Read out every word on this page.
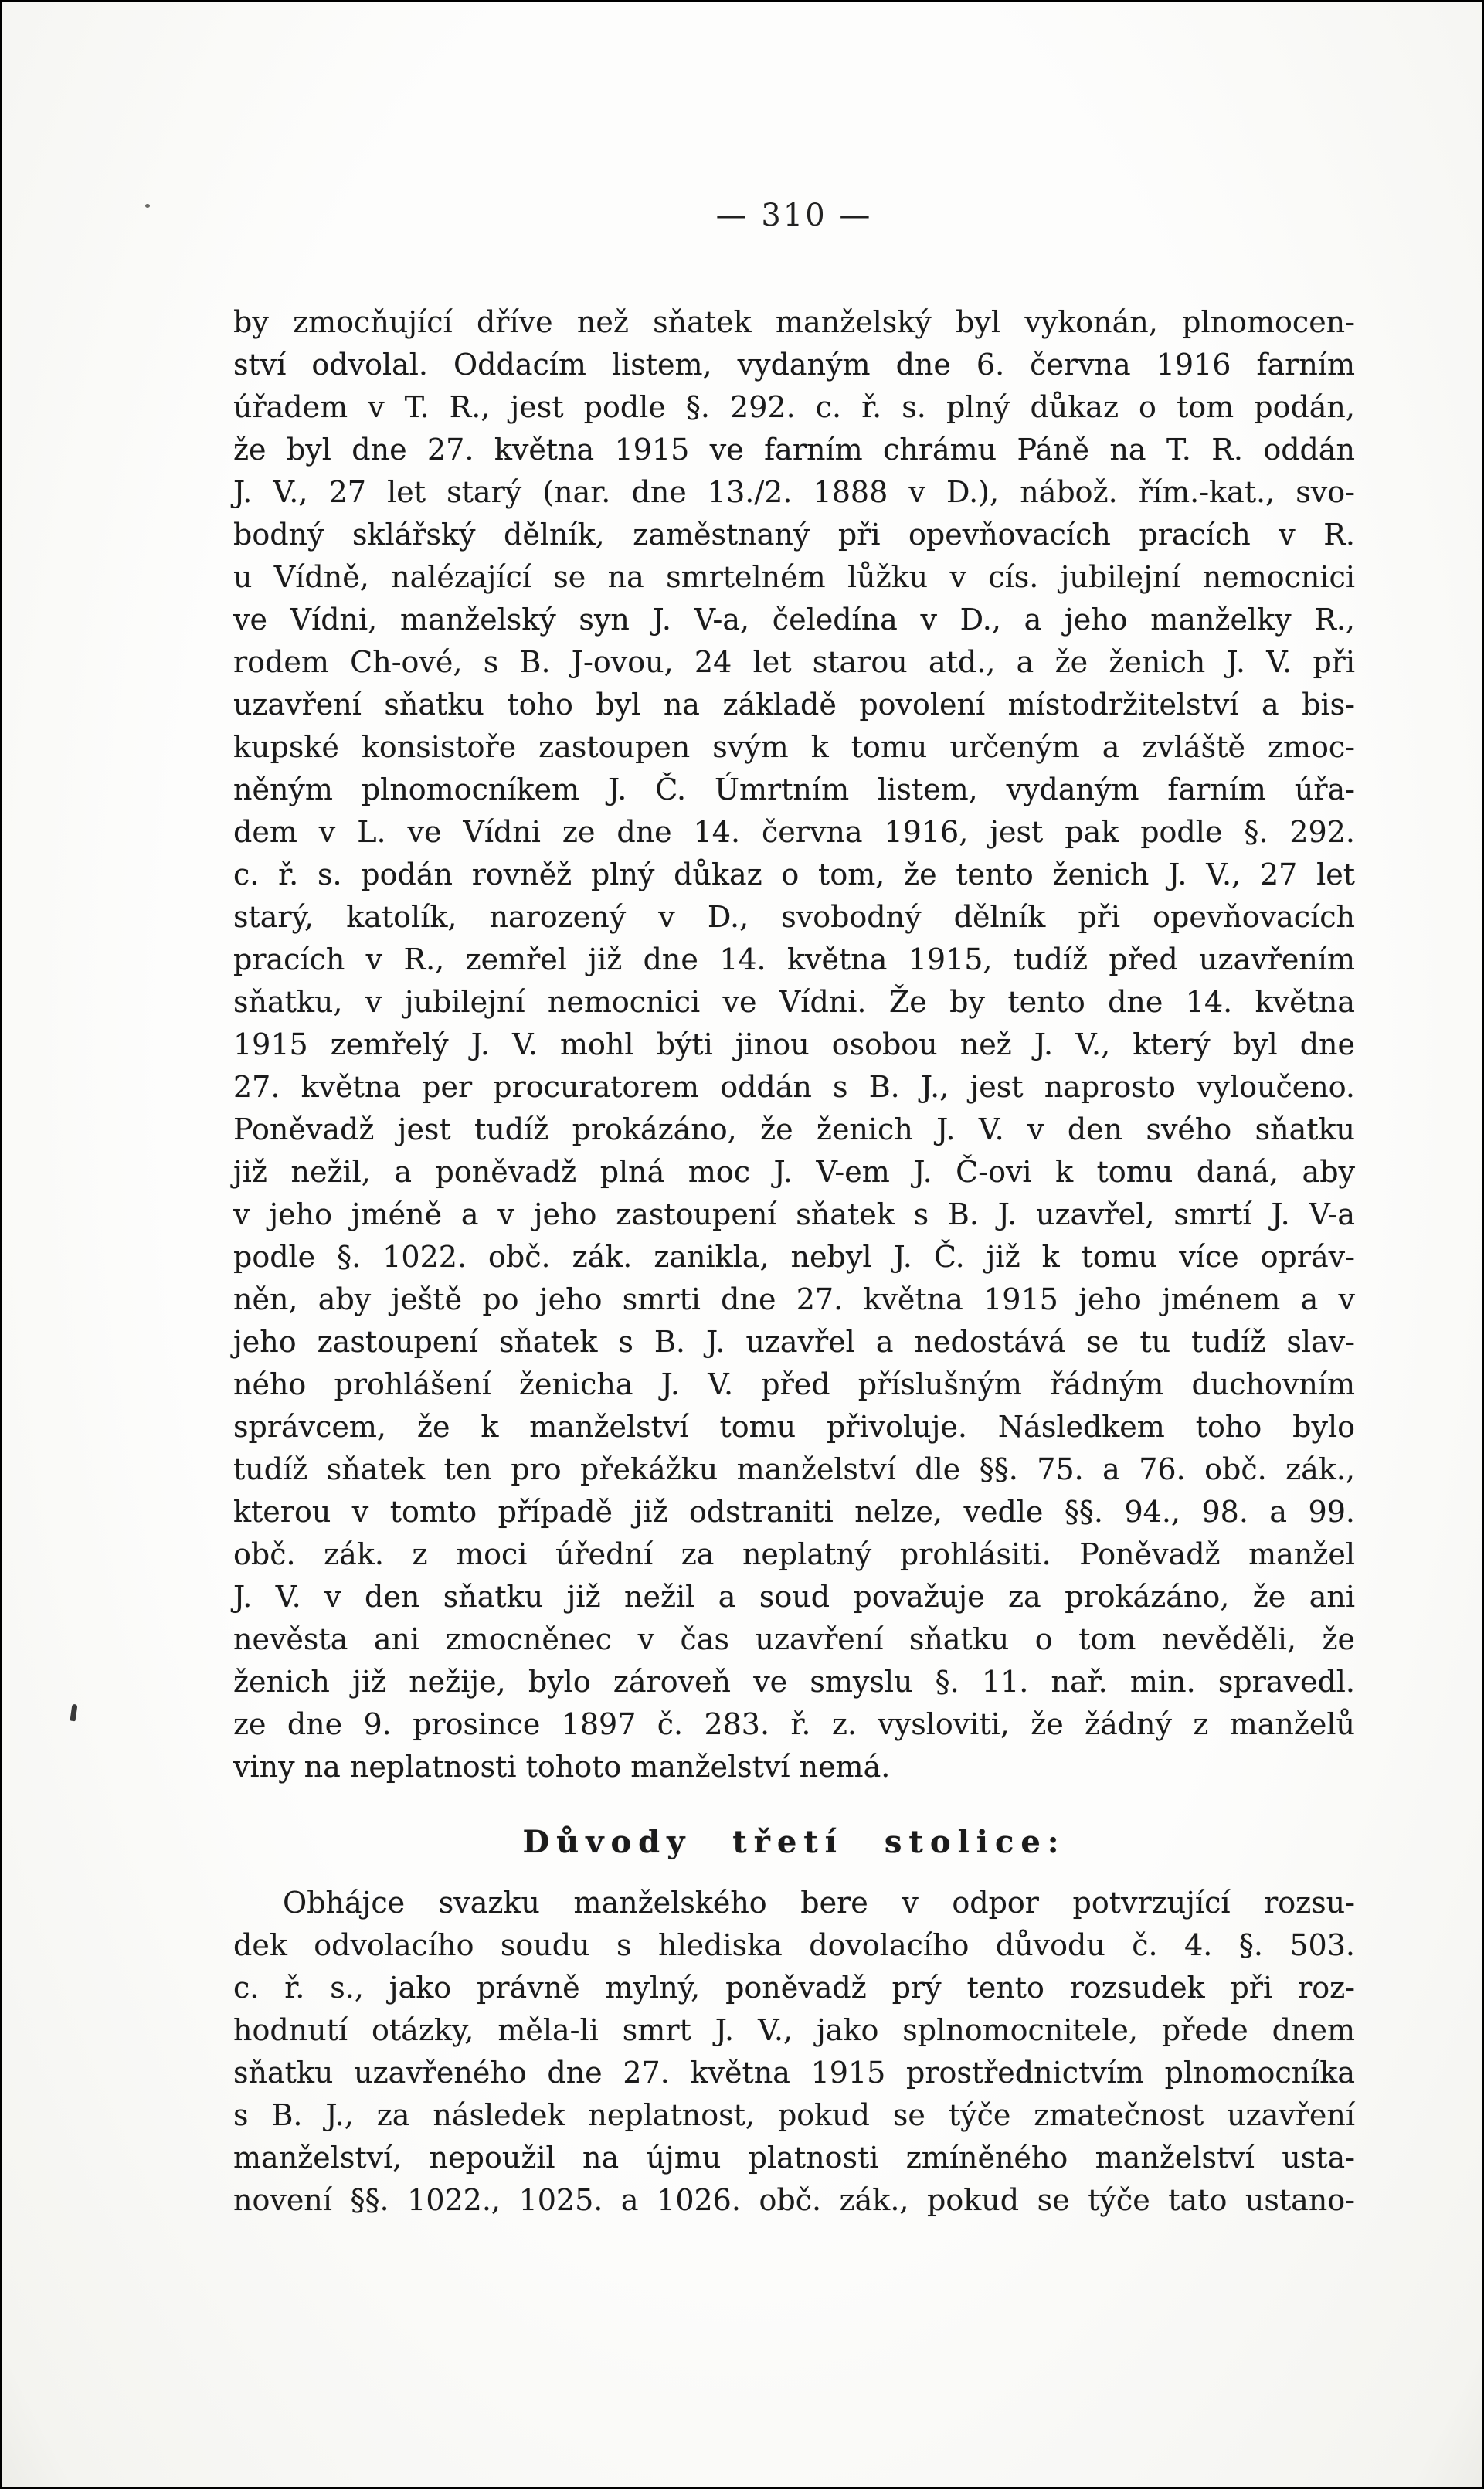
— 310 —
by zmocňující dříve než sňatek manželský byl vykonán, plnomocen-
ství odvolal. Oddacím listem, vydaným dne 6. června 1916 farním
úřadem v T. R., jest podle §. 292. c. ř. s. plný důkaz o tom podán,
že byl dne 27. května 1915 ve farním chrámu Páně na T. R. oddán
J. V., 27 let starý (nar. dne 13./2. 1888 v D.), nábož. řím.-kat., svo-
bodný sklářský dělník, zaměstnaný při opevňovacích pracích v R.
u Vídně, nalézající se na smrtelném lůžku v cís. jubilejní nemocnici
ve Vídni, manželský syn J. V-a, čeledína v D., a jeho manželky R.,
rodem Ch-ové, s B. J-ovou, 24 let starou atd., a že ženich J. V. při
uzavření sňatku toho byl na základě povolení místodržitelství a bis-
kupské konsistoře zastoupen svým k tomu určeným a zvláště zmoc-
něným plnomocníkem J. Č. Úmrtním listem, vydaným farním úřa-
dem v L. ve Vídni ze dne 14. června 1916, jest pak podle §. 292.
c. ř. s. podán rovněž plný důkaz o tom, že tento ženich J. V., 27 let
starý, katolík, narozený v D., svobodný dělník při opevňovacích
pracích v R., zemřel již dne 14. května 1915, tudíž před uzavřením
sňatku, v jubilejní nemocnici ve Vídni. Že by tento dne 14. května
1915 zemřelý J. V. mohl býti jinou osobou než J. V., který byl dne
27. května per procuratorem oddán s B. J., jest naprosto vyloučeno.
Poněvadž jest tudíž prokázáno, že ženich J. V. v den svého sňatku
již nežil, a poněvadž plná moc J. V-em J. Č-ovi k tomu daná, aby
v jeho jméně a v jeho zastoupení sňatek s B. J. uzavřel, smrtí J. V-a
podle §. 1022. obč. zák. zanikla, nebyl J. Č. již k tomu více opráv-
něn, aby ještě po jeho smrti dne 27. května 1915 jeho jménem a v
jeho zastoupení sňatek s B. J. uzavřel a nedostává se tu tudíž slav-
ného prohlášení ženicha J. V. před příslušným řádným duchovním
správcem, že k manželství tomu přivoluje. Následkem toho bylo
tudíž sňatek ten pro překážku manželství dle §§. 75. a 76. obč. zák.,
kterou v tomto případě již odstraniti nelze, vedle §§. 94., 98. a 99.
obč. zák. z moci úřední za neplatný prohlásiti. Poněvadž manžel
J. V. v den sňatku již nežil a soud považuje za prokázáno, že ani
nevěsta ani zmocněnec v čas uzavření sňatku o tom nevěděli, že
ženich již nežije, bylo zároveň ve smyslu §. 11. nař. min. spravedl.
ze dne 9. prosince 1897 č. 283. ř. z. vysloviti, že žádný z manželů
viny na neplatnosti tohoto manželství nemá.
Důvody třetí stolice:
Obhájce svazku manželského bere v odpor potvrzující rozsu-
dek odvolacího soudu s hlediska dovolacího důvodu č. 4. §. 503.
c. ř. s., jako právně mylný, poněvadž prý tento rozsudek při roz-
hodnutí otázky, měla-li smrt J. V., jako splnomocnitele, přede dnem
sňatku uzavřeného dne 27. května 1915 prostřednictvím plnomocníka
s B. J., za následek neplatnost, pokud se týče zmatečnost uzavření
manželství, nepoužil na újmu platnosti zmíněného manželství usta-
novení §§. 1022., 1025. a 1026. obč. zák., pokud se týče tato ustano-
